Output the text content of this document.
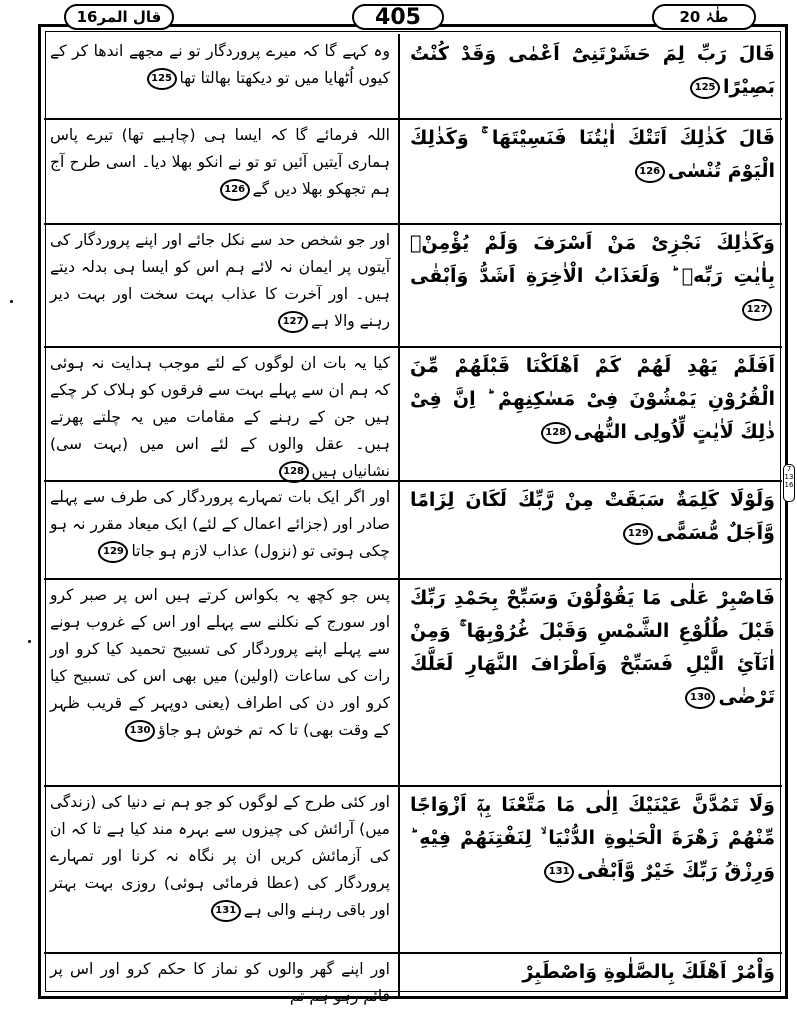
قال المر16	405	طٰہٰ 20
قَالَ رَبِّ لِمَ حَشَرْتَنِیْٓ اَعْمٰی وَقَدْ كُنْتُ بَصِیْرًا125
وہ کہے گا کہ میرے پروردگار تو نے مجھے اندھا کر کے کیوں اُٹھایا میں تو دیکھتا بھالتا تھا125
قَالَ كَذٰلِكَ اَتَتْكَ اٰیٰتُنَا فَنَسِیْتَهَا ۚ وَكَذٰلِكَ الْیَوْمَ تُنْسٰی126
اللہ فرمائے گا کہ ایسا ہی (چاہیے تھا) تیرے پاس ہماری آیتیں آئیں تو تو نے انکو بھلا دیا۔ اسی طرح آج ہم تجھکو بھلا دیں گے126
وَكَذٰلِكَ نَجْزِیْ مَنْ اَسْرَفَ وَلَمْ یُؤْمِنْۢ بِاٰیٰتِ رَبِّهٖ ؕ وَلَعَذَابُ الْاٰخِرَةِ اَشَدُّ وَاَبْقٰی127
اور جو شخص حد سے نکل جائے اور اپنے پروردگار کی آیتوں پر ایمان نہ لائے ہم اس کو ایسا ہی بدلہ دیتے ہیں۔ اور آخرت کا عذاب بہت سخت اور بہت دیر رہنے والا ہے127
اَفَلَمْ یَهْدِ لَهُمْ كَمْ اَهْلَكْنَا قَبْلَهُمْ مِّنَ الْقُرُوْنِ یَمْشُوْنَ فِیْ مَسٰكِنِهِمْ ؕ اِنَّ فِیْ ذٰلِكَ لَاٰیٰتٍ لِّاُولِی النُّهٰی128
کیا یہ بات ان لوگوں کے لئے موجب ہدایت نہ ہوئی کہ ہم ان سے پہلے بہت سے فرقوں کو ہلاک کر چکے ہیں جن کے رہنے کے مقامات میں یہ چلتے پھرتے ہیں۔ عقل والوں کے لئے اس میں (بہت سی) نشانیاں ہیں128
وَلَوْلَا كَلِمَةٌ سَبَقَتْ مِنْ رَّبِّكَ لَكَانَ لِزَامًا وَّاَجَلٌ مُّسَمًّی129
اور اگر ایک بات تمہارے پروردگار کی طرف سے پہلے صادر اور (جزائے اعمال کے لئے) ایک میعاد مقرر نہ ہو چکی ہوتی تو (نزول) عذاب لازم ہو جاتا129
فَاصْبِرْ عَلٰی مَا یَقُوْلُوْنَ وَسَبِّحْ بِحَمْدِ رَبِّكَ قَبْلَ طُلُوْعِ الشَّمْسِ وَقَبْلَ غُرُوْبِهَا ۚ وَمِنْ اٰنَآئِ الَّیْلِ فَسَبِّحْ وَاَطْرَافَ النَّهَارِ لَعَلَّكَ تَرْضٰی130
پس جو کچھ یہ بکواس کرتے ہیں اس پر صبر کرو اور سورج کے نکلنے سے پہلے اور اس کے غروب ہونے سے پہلے اپنے پروردگار کی تسبیح تحمید کیا کرو اور رات کی ساعات (اولین) میں بھی اس کی تسبیح کیا کرو اور دن کی اطراف (یعنی دوپہر کے قریب ظہر کے وقت بھی) تا کہ تم خوش ہو جاؤ130
وَلَا تَمُدَّنَّ عَیْنَیْكَ اِلٰی مَا مَتَّعْنَا بِهٖٓ اَزْوَاجًا مِّنْهُمْ زَهْرَةَ الْحَیٰوةِ الدُّنْیَا ۙ لِنَفْتِنَهُمْ فِیْهِ ؕ وَرِزْقُ رَبِّكَ خَیْرٌ وَّاَبْقٰی131
اور کئی طرح کے لوگوں کو جو ہم نے دنیا کی (زندگی میں) آرائش کی چیزوں سے بہرہ مند کیا ہے تا کہ ان کی آزمائش کریں ان پر نگاہ نہ کرنا اور تمہارے پروردگار کی (عطا فرمائی ہوئی) روزی بہت بہتر اور باقی رہنے والی ہے131
وَاْمُرْ اَهْلَكَ بِالصَّلٰوةِ وَاصْطَبِرْ
اور اپنے گھر والوں کو نماز کا حکم کرو اور اس پر قائم رہو ہم تم
7 13 16
